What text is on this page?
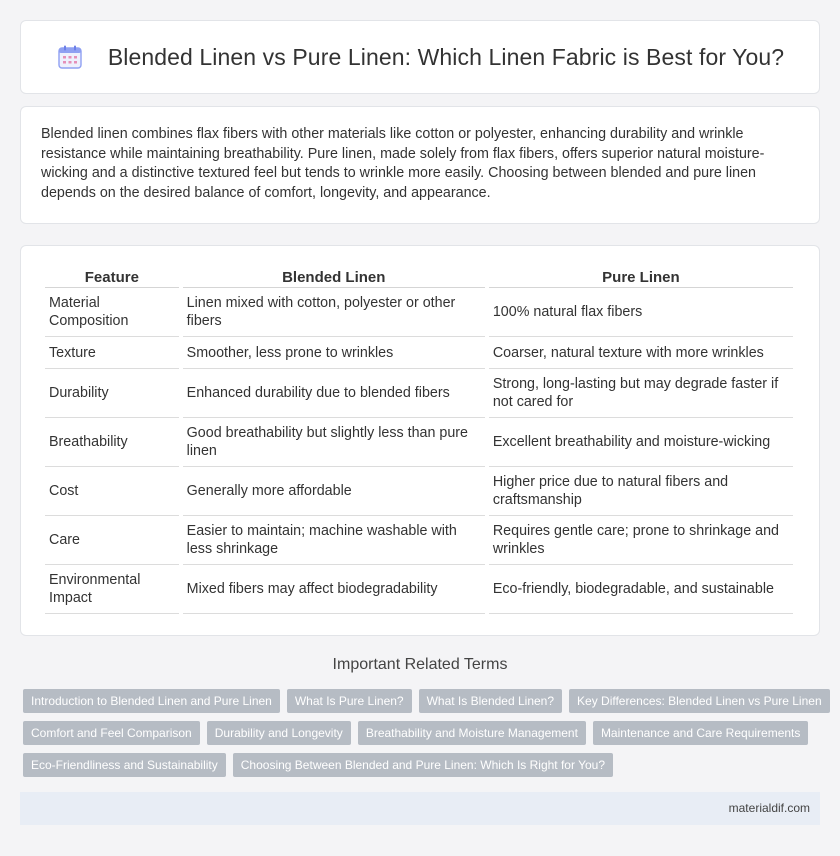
Blended Linen vs Pure Linen: Which Linen Fabric is Best for You?

Blended linen combines flax fibers with other materials like cotton or polyester, enhancing durability and wrinkle resistance while maintaining breathability. Pure linen, made solely from flax fibers, offers superior natural moisture-wicking and a distinctive textured feel but tends to wrinkle more easily. Choosing between blended and pure linen depends on the desired balance of comfort, longevity, and appearance.

Feature	Blended Linen	Pure Linen
Material Composition	Linen mixed with cotton, polyester or other fibers	100% natural flax fibers
Texture	Smoother, less prone to wrinkles	Coarser, natural texture with more wrinkles
Durability	Enhanced durability due to blended fibers	Strong, long-lasting but may degrade faster if not cared for
Breathability	Good breathability but slightly less than pure linen	Excellent breathability and moisture-wicking
Cost	Generally more affordable	Higher price due to natural fibers and craftsmanship
Care	Easier to maintain; machine washable with less shrinkage	Requires gentle care; prone to shrinkage and wrinkles
Environmental Impact	Mixed fibers may affect biodegradability	Eco-friendly, biodegradable, and sustainable
Important Related Terms
Introduction to Blended Linen and Pure Linen	What Is Pure Linen?	What Is Blended Linen?	Key Differences: Blended Linen vs Pure Linen
Comfort and Feel Comparison	Durability and Longevity	Breathability and Moisture Management	Maintenance and Care Requirements
Eco-Friendliness and Sustainability	Choosing Between Blended and Pure Linen: Which Is Right for You?
materialdif.com
